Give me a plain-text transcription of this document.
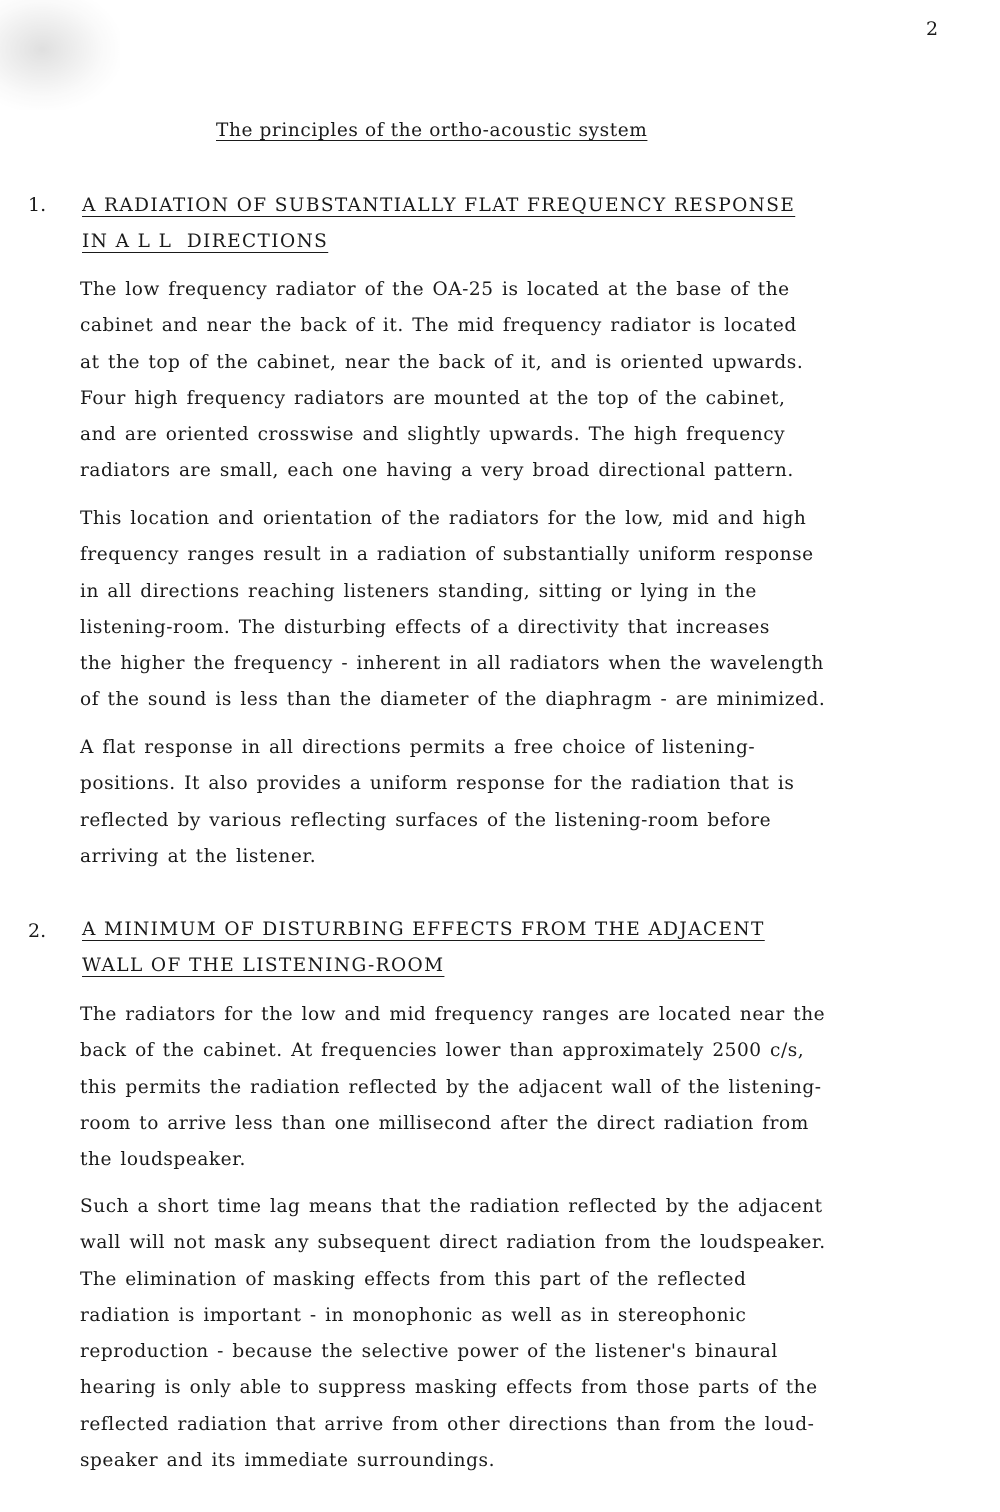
2
The principles of the ortho-acoustic system
1. A RADIATION OF SUBSTANTIALLY FLAT FREQUENCY RESPONSE
IN A L L  DIRECTIONS
The low frequency radiator of the OA-25 is located at the base of the
cabinet and near the back of it. The mid frequency radiator is located
at the top of the cabinet, near the back of it, and is oriented upwards.
Four high frequency radiators are mounted at the top of the cabinet,
and are oriented crosswise and slightly upwards. The high frequency
radiators are small, each one having a very broad directional pattern.
This location and orientation of the radiators for the low, mid and high
frequency ranges result in a radiation of substantially uniform response
in all directions reaching listeners standing, sitting or lying in the
listening-room. The disturbing effects of a directivity that increases
the higher the frequency - inherent in all radiators when the wavelength
of the sound is less than the diameter of the diaphragm - are minimized.
A flat response in all directions permits a free choice of listening-
positions. It also provides a uniform response for the radiation that is
reflected by various reflecting surfaces of the listening-room before
arriving at the listener.
2. A MINIMUM OF DISTURBING EFFECTS FROM THE ADJACENT
WALL OF THE LISTENING-ROOM
The radiators for the low and mid frequency ranges are located near the
back of the cabinet. At frequencies lower than approximately 2500 c/s,
this permits the radiation reflected by the adjacent wall of the listening-
room to arrive less than one millisecond after the direct radiation from
the loudspeaker.
Such a short time lag means that the radiation reflected by the adjacent
wall will not mask any subsequent direct radiation from the loudspeaker.
The elimination of masking effects from this part of the reflected
radiation is important - in monophonic as well as in stereophonic
reproduction - because the selective power of the listener's binaural
hearing is only able to suppress masking effects from those parts of the
reflected radiation that arrive from other directions than from the loud-
speaker and its immediate surroundings.
